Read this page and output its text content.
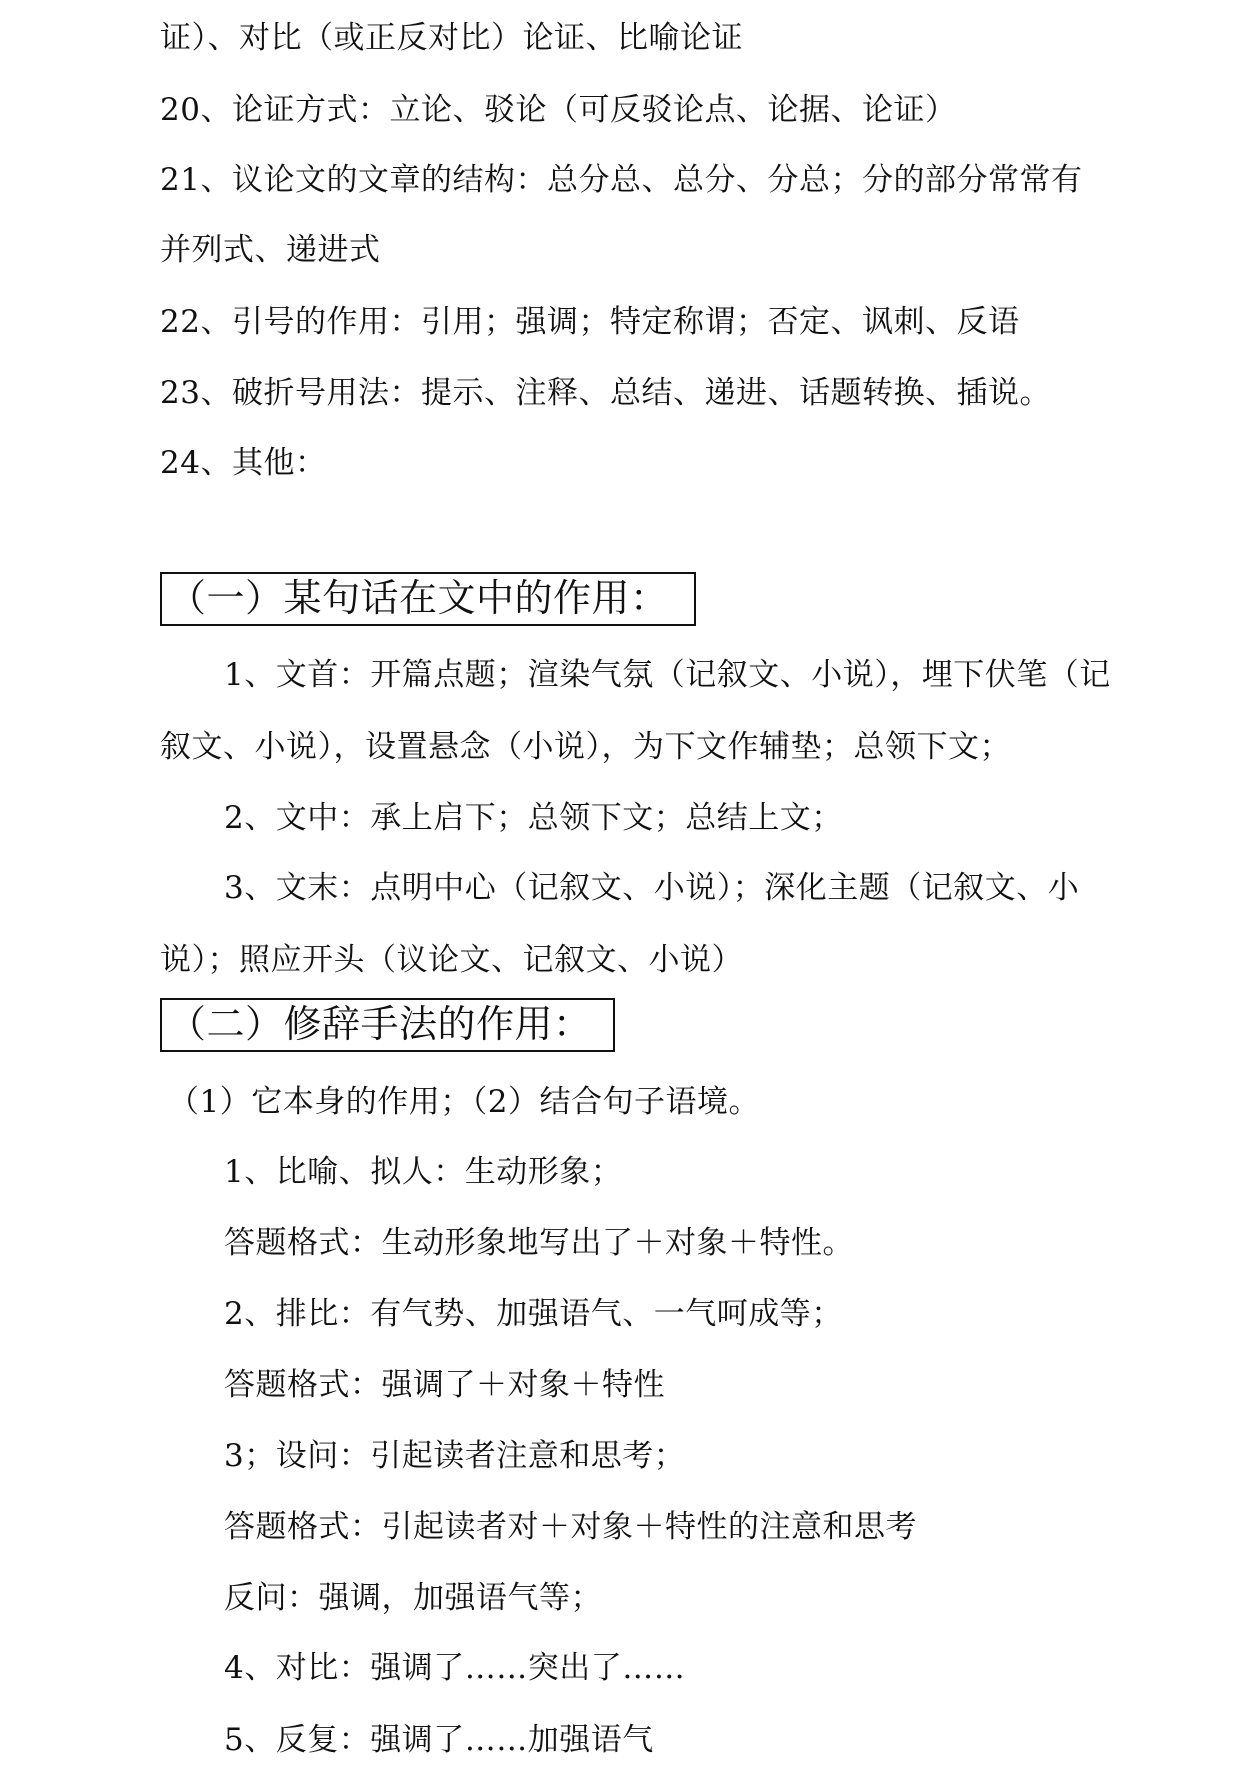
证）、对比（或正反对比）论证、比喻论证
20、论证方式：立论、驳论（可反驳论点、论据、论证）
21、议论文的文章的结构：总分总、总分、分总；分的部分常常有
并列式、递进式
22、引号的作用：引用；强调；特定称谓；否定、讽刺、反语
23、破折号用法：提示、注释、总结、递进、话题转换、插说。
24、其他：
（一）某句话在文中的作用：
1、文首：开篇点题；渲染气氛（记叙文、小说），埋下伏笔（记
叙文、小说），设置悬念（小说），为下文作辅垫；总领下文；
2、文中：承上启下；总领下文；总结上文；
3、文末：点明中心（记叙文、小说）；深化主题（记叙文、小
说）；照应开头（议论文、记叙文、小说）
（二）修辞手法的作用：
（1）它本身的作用；（2）结合句子语境。
1、比喻、拟人：生动形象；
答题格式：生动形象地写出了＋对象＋特性。
2、排比：有气势、加强语气、一气呵成等；
答题格式：强调了＋对象＋特性
3；设问：引起读者注意和思考；
答题格式：引起读者对＋对象＋特性的注意和思考
反问：强调，加强语气等；
4、对比：强调了……突出了……
5、反复：强调了……加强语气
